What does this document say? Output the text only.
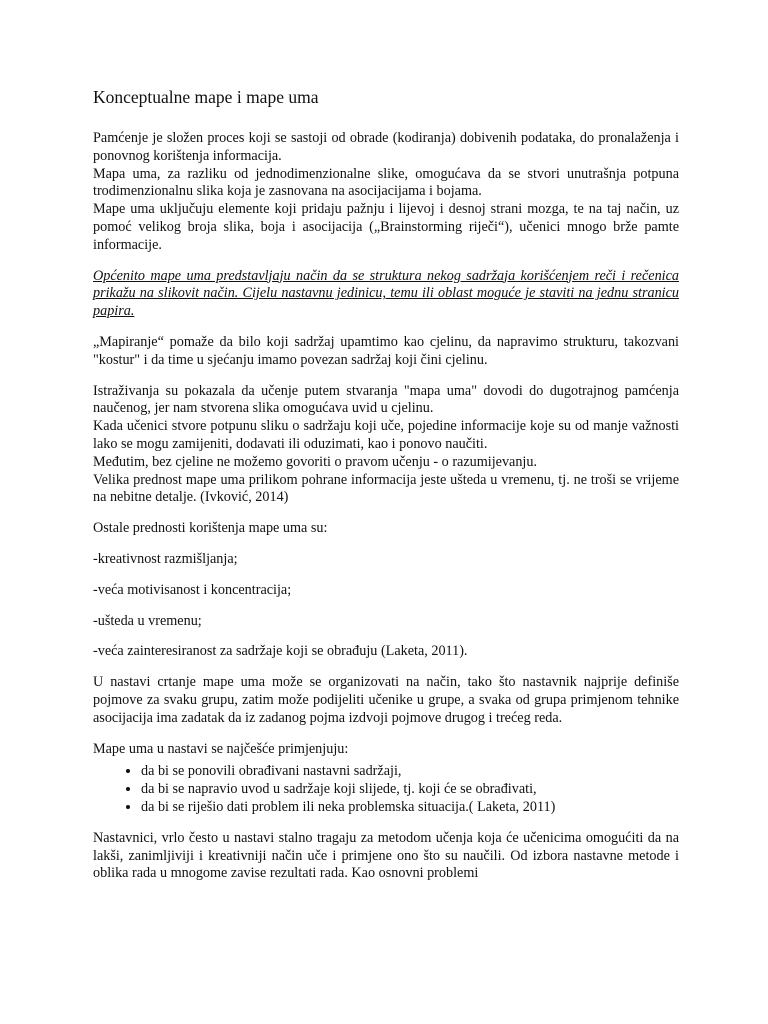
Konceptualne mape i mape uma

Pamćenje je složen proces koji se sastoji od obrade (kodiranja) dobivenih podataka, do pronalaženja i ponovnog korištenja informacija.

Mapa uma, za razliku od jednodimenzionalne slike, omogućava da se stvori unutrašnja potpuna trodimenzionalnu slika koja je zasnovana na asocijacijama i bojama.

Mape uma uključuju elemente koji pridaju pažnju i lijevoj i desnoj strani mozga, te na taj način, uz pomoć velikog broja slika, boja i asocijacija („Brainstorming riječi“), učenici mnogo brže pamte informacije.

Općenito mape uma predstavljaju način da se struktura nekog sadržaja korišćenjem reči i rečenica prikažu na slikovit način. Cijelu nastavnu jedinicu, temu ili oblast moguće je staviti na jednu stranicu papira.

„Mapiranje“ pomaže da bilo koji sadržaj upamtimo kao cjelinu, da napravimo strukturu, takozvani "kostur" i da time u sjećanju imamo povezan sadržaj koji čini cjelinu.

Istraživanja su pokazala da učenje putem stvaranja "mapa uma" dovodi do dugotrajnog pamćenja naučenog, jer nam stvorena slika omogućava uvid u cjelinu.

Kada učenici stvore potpunu sliku o sadržaju koji uče, pojedine informacije koje su od manje važnosti lako se mogu zamijeniti, dodavati ili oduzimati, kao i ponovo naučiti.

Međutim, bez cjeline ne možemo govoriti o pravom učenju - o razumijevanju.

Velika prednost mape uma prilikom pohrane informacija jeste ušteda u vremenu, tj. ne troši se vrijeme na nebitne detalje. (Ivković, 2014)

Ostale prednosti korištenja mape uma su:

-kreativnost razmišljanja;

-veća motivisanost i koncentracija;

-ušteda u vremenu;

-veća zainteresiranost za sadržaje koji se obrađuju (Laketa, 2011).

U nastavi crtanje mape uma može se organizovati na način, tako što nastavnik najprije definiše pojmove za svaku grupu, zatim može podijeliti učenike u grupe, a svaka od grupa primjenom tehnike asocijacija ima zadatak da iz zadanog pojma izdvoji pojmove drugog i trećeg reda.

Mape uma u nastavi se najčešće primjenjuju:

• da bi se ponovili obrađivani nastavni sadržaji,
• da bi se napravio uvod u sadržaje koji slijede, tj. koji će se obrađivati,
• da bi se riješio dati problem ili neka problemska situacija.( Laketa, 2011)

Nastavnici, vrlo često u nastavi stalno tragaju za metodom učenja koja će učenicima omogućiti da na lakši, zanimljiviji i kreativniji način uče i primjene ono što su naučili. Od izbora nastavne metode i oblika rada u mnogome zavise rezultati rada. Kao osnovni problemi
